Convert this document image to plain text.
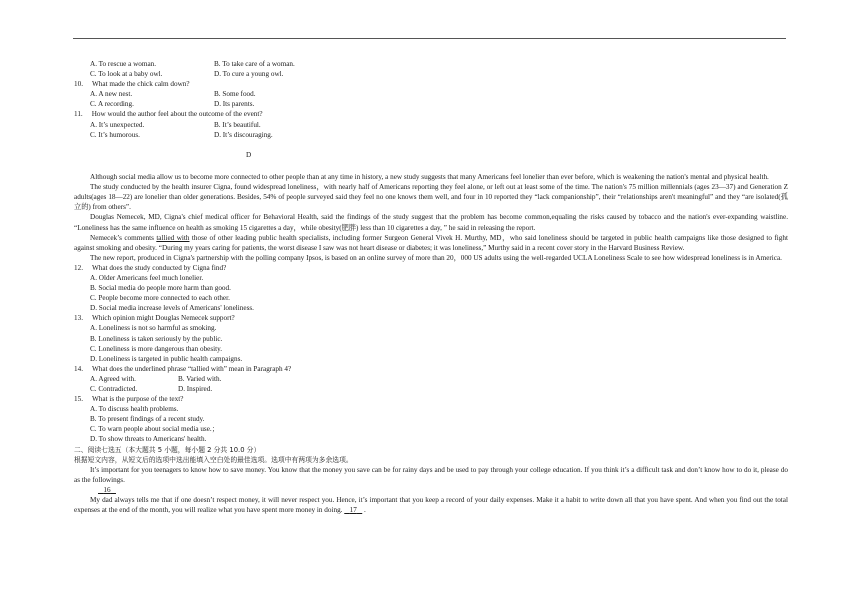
A. To rescue a woman.	B. To take care of a woman.
C. To look at a baby owl.	D. To cure a young owl.
10. What made the chick calm down?
A. A new nest.	B. Some food.
C. A recording.	D. Its parents.
11. How would the author feel about the outcome of the event?
A. It’s unexpected.	B. It’s beautiful.
C. It’s humorous.	D. It’s discouraging.
D
Although social media allow us to become more connected to other people than at any time in history, a new study suggests that many Americans feel lonelier than ever before, which is weakening the nation's mental and physical health.
The study conducted by the health insurer Cigna, found widespread loneliness，with nearly half of Americans reporting they feel alone, or left out at least some of the time. The nation's 75 million millennials (ages 23—37) and Generation Z adults(ages 18—22) are lonelier than older generations. Besides, 54% of people surveyed said they feel no one knows them well, and four in 10 reported they “lack companionship”, their “relationships aren't meaningful” and they “are isolated(孤立的) from others”.
Douglas Nemecek, MD, Cigna's chief medical officer for Behavioral Health, said the findings of the study suggest that the problem has become common,equaling the risks caused by tobacco and the nation's ever-expanding waistline. “Loneliness has the same influence on health as smoking 15 cigarettes a day，while obesity(肥胖) less than 10 cigarettes a day, ” he said in releasing the report.
Nemecek’s comments tallied with those of other leading public health specialists, including former Surgeon General Vivek H. Murthy, MD，who said loneliness should be targeted in public health campaigns like those designed to fight against smoking and obesity. “During my years caring for patients, the worst disease I saw was not heart disease or diabetes; it was loneliness,” Murthy said in a recent cover story in the Harvard Business Review.
The new report, produced in Cigna's partnership with the polling company Ipsos, is based on an online survey of more than 20，000 US adults using the well-regarded UCLA Loneliness Scale to see how widespread loneliness is in America.
12. What does the study conducted by Cigna find?
A. Older Americans feel much lonelier.
B. Social media do people more harm than good.
C. People become more connected to each other.
D. Social media increase levels of Americans' loneliness.
13. Which opinion might Douglas Nemecek support?
A. Loneliness is not so harmful as smoking.
B. Loneliness is taken seriously by the public.
C. Loneliness is more dangerous than obesity.
D. Loneliness is targeted in public health campaigns.
14. What does the underlined phrase “tallied with” mean in Paragraph 4?
A. Agreed with.	B. Varied with.
C. Contradicted.	D. Inspired.
15. What is the purpose of the text?
A. To discuss health problems.
B. To present findings of a recent study.
C. To warn people about social media use.；
D. To show threats to Americans' health.
二、阅读七选五（本大题共 5 小题，每小题 2 分共 10.0 分）
根据短文内容，从短文后的选项中选出能填入空白处的最佳选项。选项中有两项为多余选项。
It’s important for you teenagers to know how to save money. You know that the money you save can be for rainy days and be used to pay through your college education. If you think it’s a difficult task and don’t know how to do it, please do as the followings.
16
My dad always tells me that if one doesn’t respect money, it will never respect you. Hence, it’s important that you keep a record of your daily expenses. Make it a habit to write down all that you have spent. And when you find out the total expenses at the end of the month, you will realize what you have spent more money in doing.    17    .
